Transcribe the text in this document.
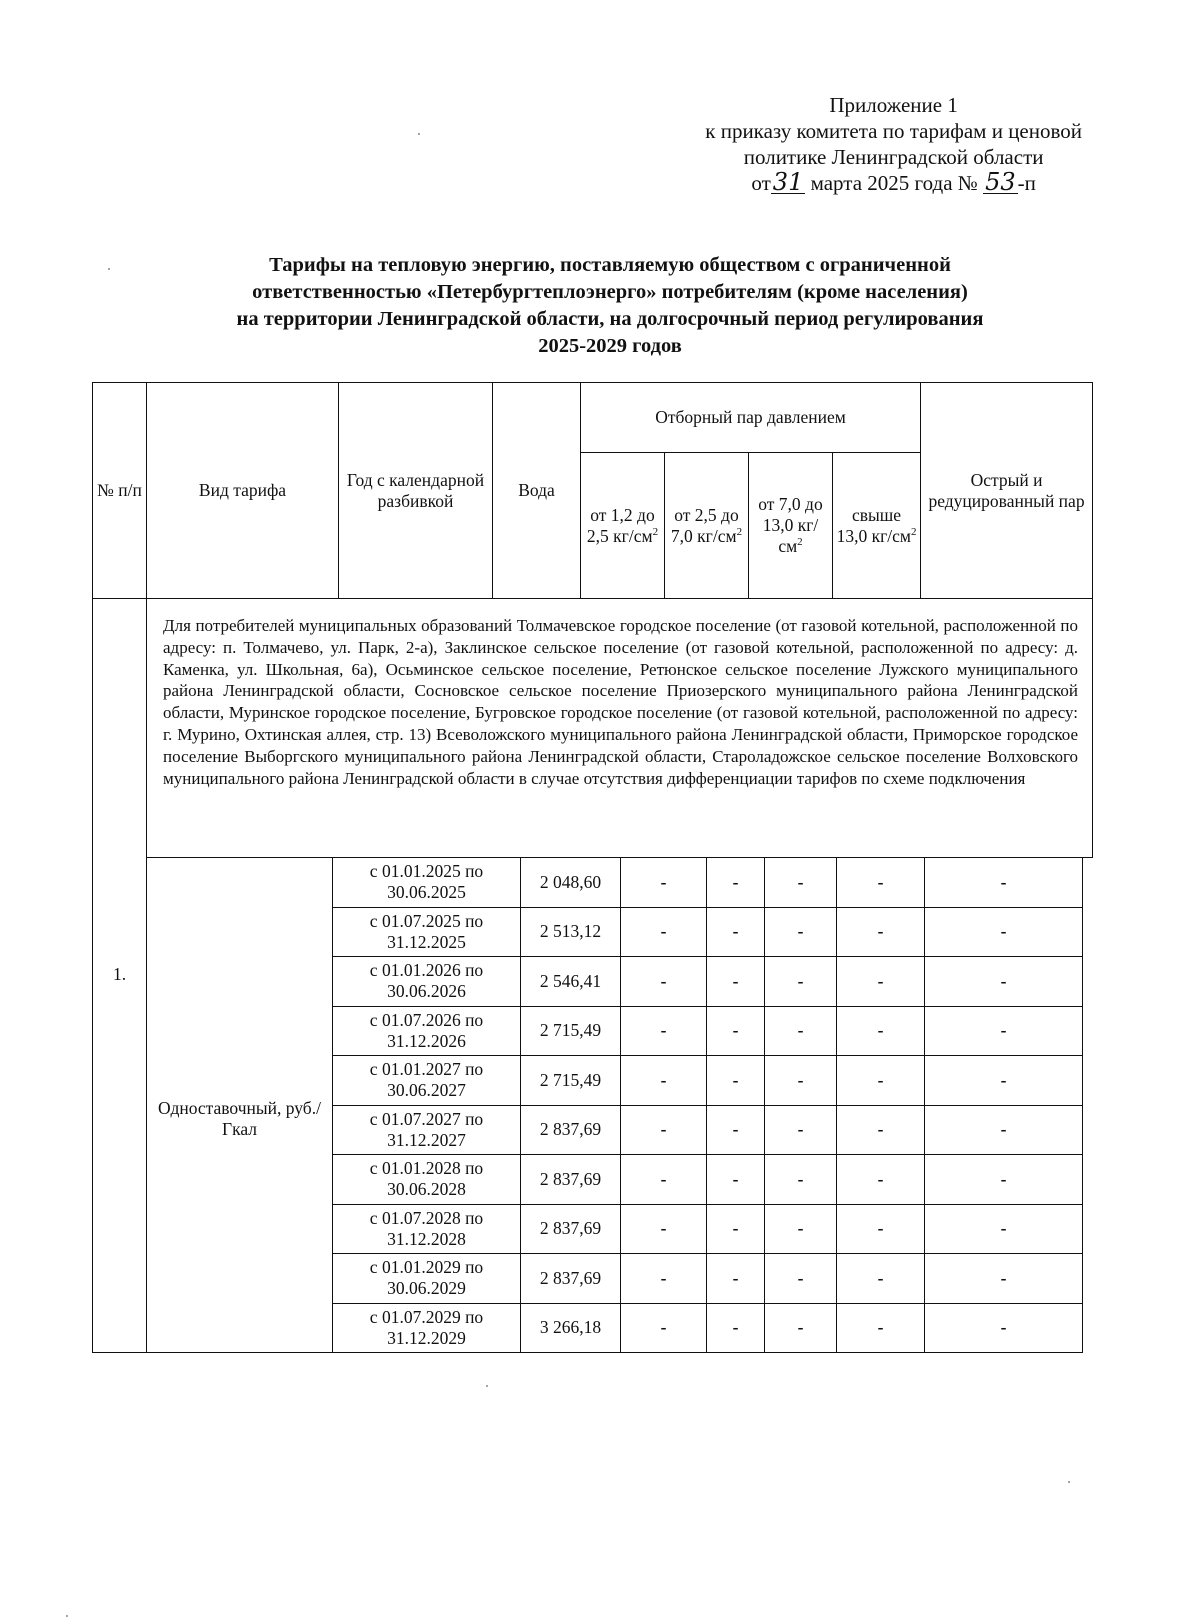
Приложение 1
к приказу комитета по тарифам и ценовой
политике Ленинградской области
от31 марта 2025 года № 53-п
Тарифы на тепловую энергию, поставляемую обществом с ограниченной
ответственностью «Петербургтеплоэнерго» потребителям (кроме населения)
на территории Ленинградской области, на долгосрочный период регулирования
2025-2029 годов
№ п/п	Вид тарифа	Год с календарной разбивкой	Вода	Отборный пар давлением				Острый и редуцированный пар
				от 1,2 до 2,5 $кг/см^2$	от 2,5 до 7,0 $кг/см^2$	от 7,0 до 13,0 $кг/см^2$	свыше 13,0 $кг/см^2$
	Для потребителей муниципальных образований Толмачевское городское поселение (от газовой котельной, расположенной по адресу: п. Толмачево, ул. Парк, 2-а), Заклинское сельское поселение (от газовой котельной, расположенной по адресу: д. Каменка, ул. Школьная, 6а), Осьминское сельское поселение, Ретюнское сельское поселение Лужского муниципального района Ленинградской области, Сосновское сельское поселение Приозерского муниципального района Ленинградской области, Муринское городское поселение, Бугровское городское поселение (от газовой котельной, расположенной по адресу: г. Мурино, Охтинская аллея, стр. 13) Всеволожского муниципального района Ленинградской области, Приморское городское поселение Выборгского муниципального района Ленинградской области, Староладожское сельское поселение Волховского муниципального района Ленинградской области в случае отсутствия дифференциации тарифов по схеме подключения							
1.	Одноставочный, руб./Гкал	с 01.01.2025 по 30.06.2025	2 048,60	-	-	-	-	-
		с 01.07.2025 по 31.12.2025	2 513,12	-	-	-	-	-
		с 01.01.2026 по 30.06.2026	2 546,41	-	-	-	-	-
		с 01.07.2026 по 31.12.2026	2 715,49	-	-	-	-	-
		с 01.01.2027 по 30.06.2027	2 715,49	-	-	-	-	-
		с 01.07.2027 по 31.12.2027	2 837,69	-	-	-	-	-
		с 01.01.2028 по 30.06.2028	2 837,69	-	-	-	-	-
		с 01.07.2028 по 31.12.2028	2 837,69	-	-	-	-	-
		с 01.01.2029 по 30.06.2029	2 837,69	-	-	-	-	-
		с 01.07.2029 по 31.12.2029	3 266,18	-	-	-	-	-
